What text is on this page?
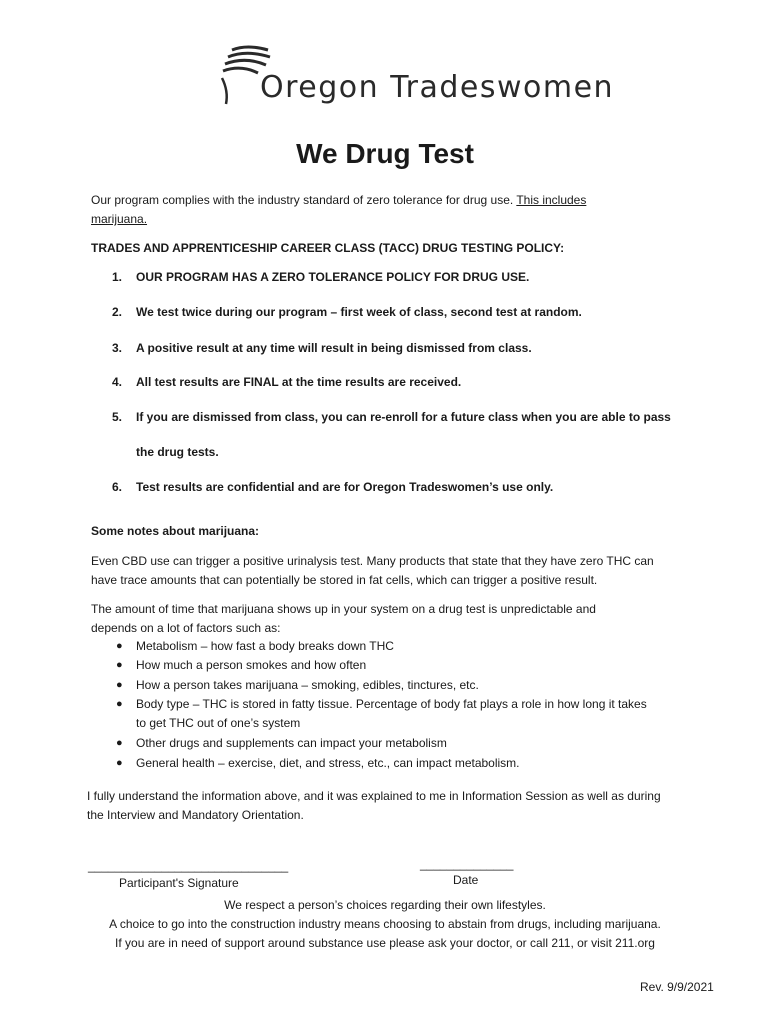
Oregon Tradeswomen
We Drug Test
Our program complies with the industry standard of zero tolerance for drug use. This includes
marijuana.
TRADES AND APPRENTICESHIP CAREER CLASS (TACC) DRUG TESTING POLICY:
1. OUR PROGRAM HAS A ZERO TOLERANCE POLICY FOR DRUG USE.
2. We test twice during our program – first week of class, second test at random.
3. A positive result at any time will result in being dismissed from class.
4. All test results are FINAL at the time results are received.
5. If you are dismissed from class, you can re-enroll for a future class when you are able to pass
the drug tests.
6. Test results are confidential and are for Oregon Tradeswomen’s use only.
Some notes about marijuana:
Even CBD use can trigger a positive urinalysis test. Many products that state that they have zero THC can
have trace amounts that can potentially be stored in fat cells, which can trigger a positive result.
The amount of time that marijuana shows up in your system on a drug test is unpredictable and
depends on a lot of factors such as:
● Metabolism – how fast a body breaks down THC
● How much a person smokes and how often
● How a person takes marijuana – smoking, edibles, tinctures, etc.
● Body type – THC is stored in fatty tissue. Percentage of body fat plays a role in how long it takes
to get THC out of one’s system
● Other drugs and supplements can impact your metabolism
● General health – exercise, diet, and stress, etc., can impact metabolism.
I fully understand the information above, and it was explained to me in Information Session as well as during
the Interview and Mandatory Orientation.
______________________________
Participant's Signature
______________
Date
We respect a person’s choices regarding their own lifestyles.
A choice to go into the construction industry means choosing to abstain from drugs, including marijuana.
If you are in need of support around substance use please ask your doctor, or call 211, or visit 211.org
Rev. 9/9/2021
